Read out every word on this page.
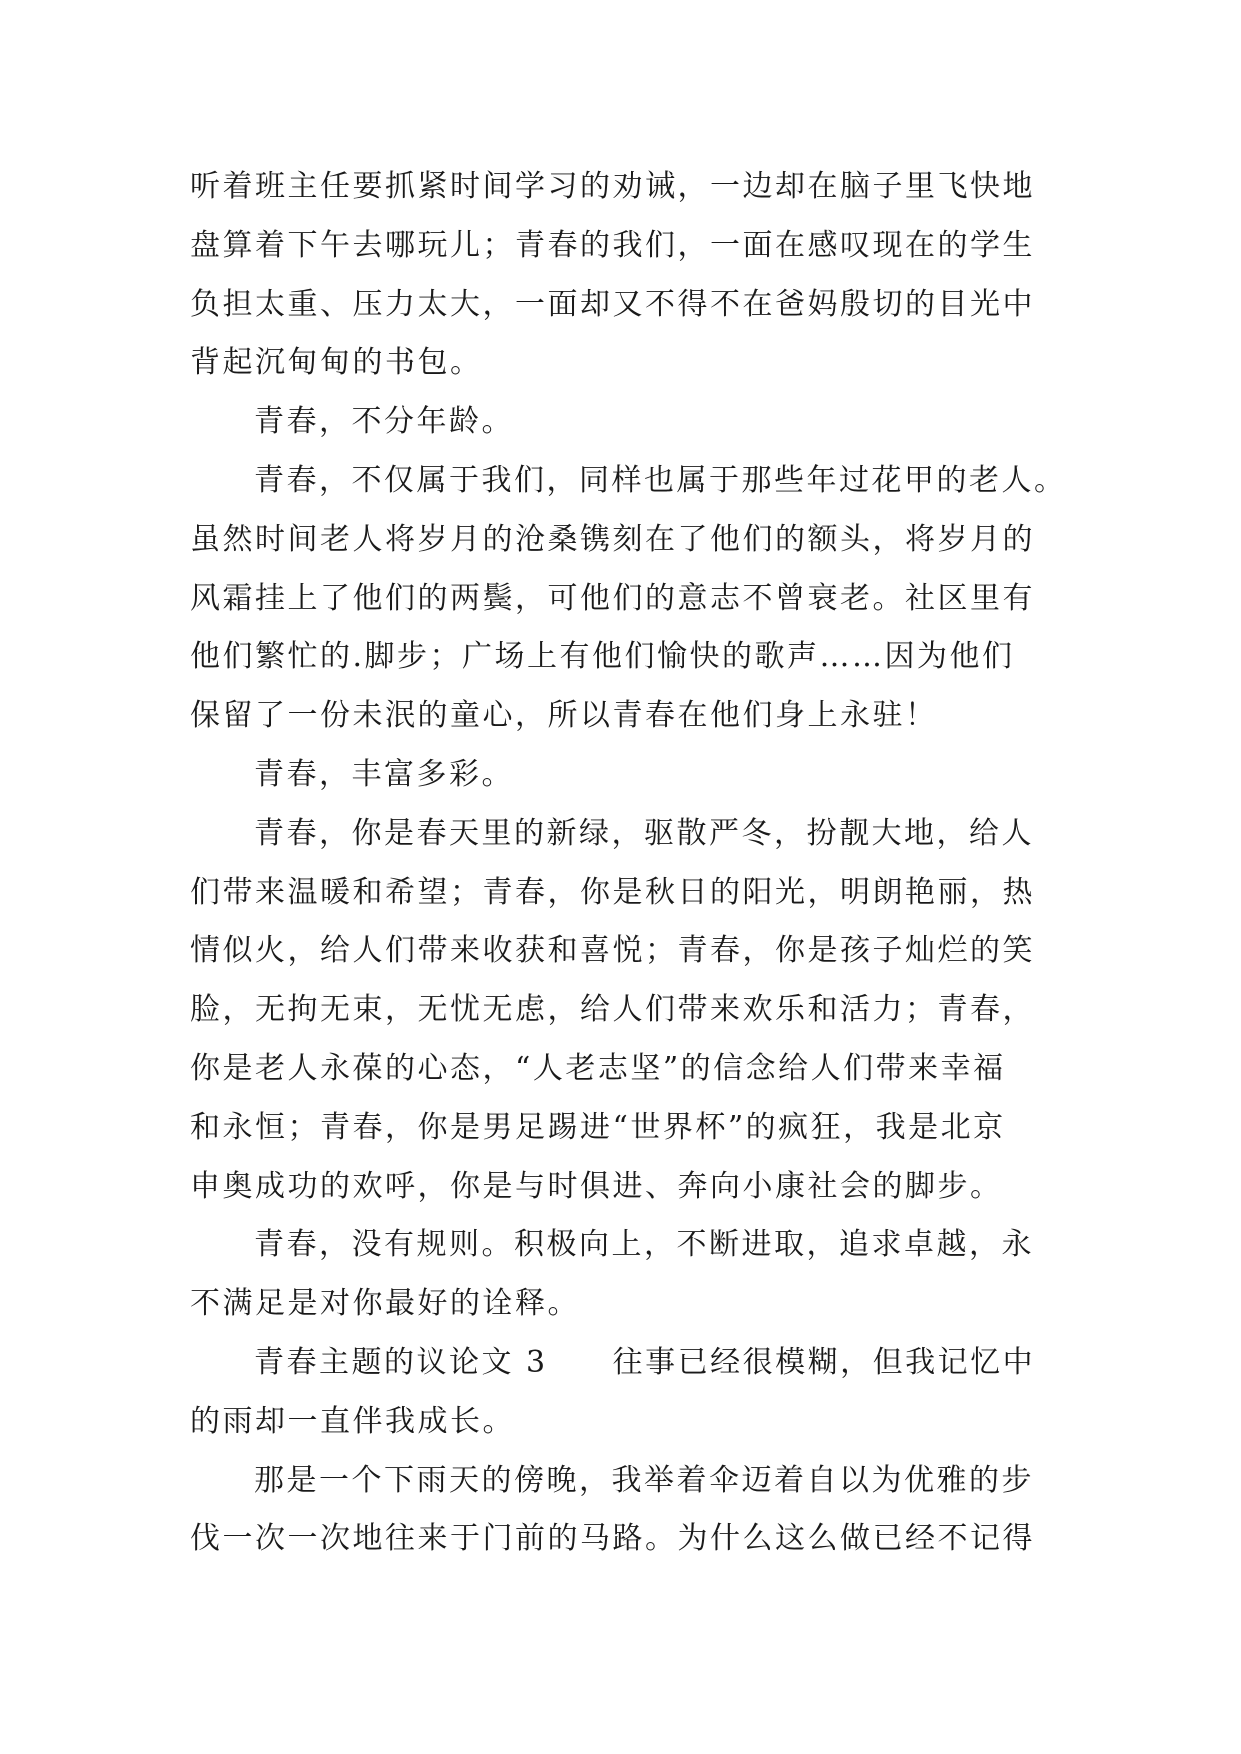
听着班主任要抓紧时间学习的劝诫，一边却在脑子里飞快地
盘算着下午去哪玩儿；青春的我们，一面在感叹现在的学生
负担太重、压力太大，一面却又不得不在爸妈殷切的目光中
背起沉甸甸的书包。
青春，不分年龄。
青春，不仅属于我们，同样也属于那些年过花甲的老人。
虽然时间老人将岁月的沧桑镌刻在了他们的额头，将岁月的
风霜挂上了他们的两鬓，可他们的意志不曾衰老。社区里有
他们繁忙的.脚步；广场上有他们愉快的歌声……因为他们
保留了一份未泯的童心，所以青春在他们身上永驻！
青春，丰富多彩。
青春，你是春天里的新绿，驱散严冬，扮靓大地，给人
们带来温暖和希望；青春，你是秋日的阳光，明朗艳丽，热
情似火，给人们带来收获和喜悦；青春，你是孩子灿烂的笑
脸，无拘无束，无忧无虑，给人们带来欢乐和活力；青春，
你是老人永葆的心态，“人老志坚”的信念给人们带来幸福
和永恒；青春，你是男足踢进“世界杯”的疯狂，我是北京
申奥成功的欢呼，你是与时俱进、奔向小康社会的脚步。
青春，没有规则。积极向上，不断进取，追求卓越，永
不满足是对你最好的诠释。
青春主题的议论文 3　　往事已经很模糊，但我记忆中
的雨却一直伴我成长。
那是一个下雨天的傍晚，我举着伞迈着自以为优雅的步
伐一次一次地往来于门前的马路。为什么这么做已经不记得
